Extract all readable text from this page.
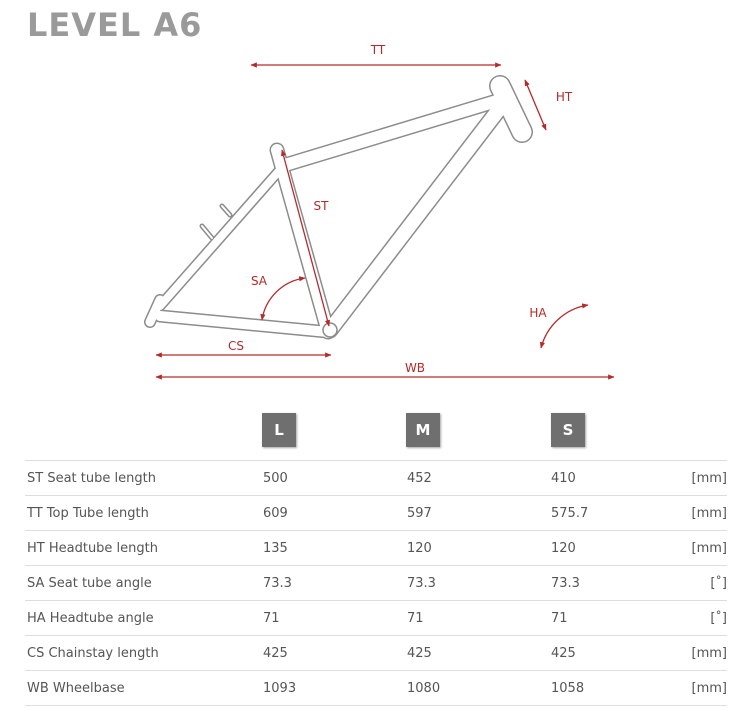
LEVEL A6
TT
HT
ST
SA
HA
CS
WB
L	M	S
ST Seat tube length	500	452	410	[mm]
TT Top Tube length	609	597	575.7	[mm]
HT Headtube length	135	120	120	[mm]
SA Seat tube angle	73.3	73.3	73.3	[˚]
HA Headtube angle	71	71	71	[˚]
CS Chainstay length	425	425	425	[mm]
WB Wheelbase	1093	1080	1058	[mm]
